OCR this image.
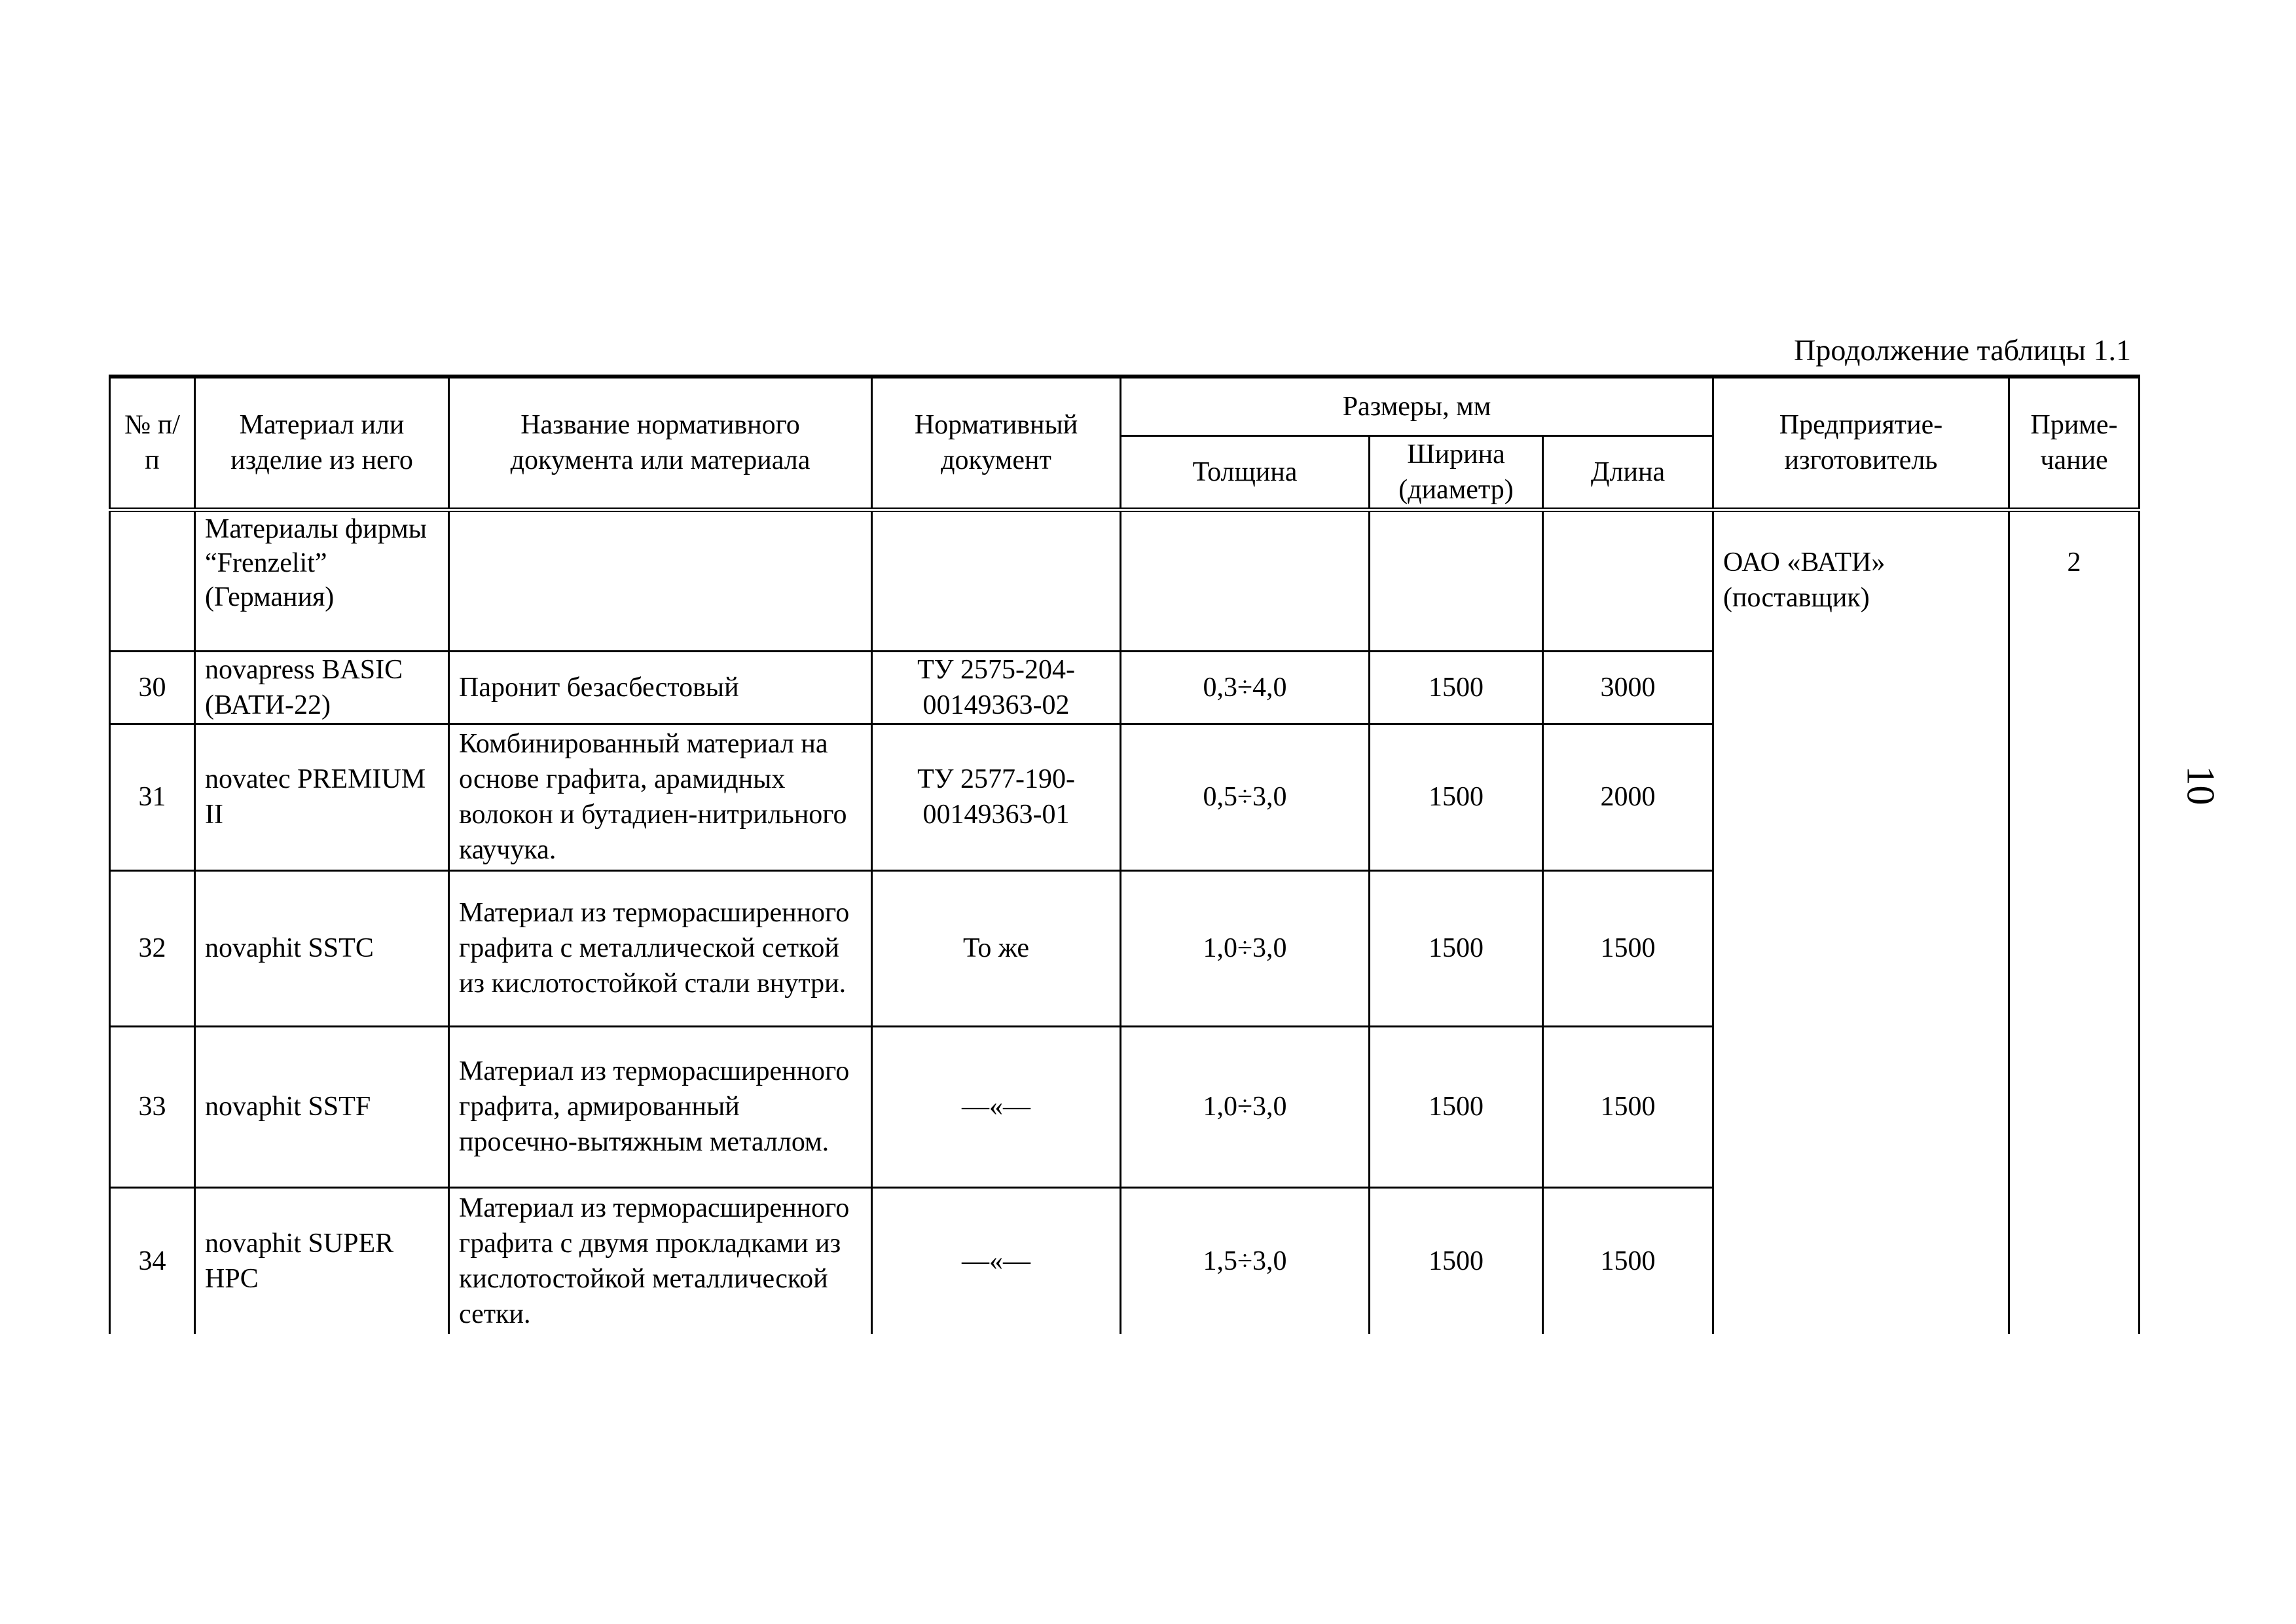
Продолжение таблицы 1.1
10
№ п/п	Материал или изделие из него	Название нормативного документа или материала	Нормативный документ	Размеры, мм			Предприятие-изготовитель	Приме-чание
				Толщина	Ширина (диаметр)	Длина		
	Материалы фирмы “Frenzelit” (Германия)						ОАО «ВАТИ» (поставщик)	2
30	novapress BASIC (ВАТИ-22)	Паронит безасбестовый	ТУ 2575-204-00149363-02	0,3÷4,0	1500	3000		
31	novatec PREMIUM II	Комбинированный материал на основе графита, арамидных волокон и бутадиен-нитрильного каучука.	ТУ 2577-190-00149363-01	0,5÷3,0	1500	2000		
32	novaphit SSTC	Материал из терморасширенного графита с металлической сеткой из кислотостойкой стали внутри.	То же	1,0÷3,0	1500	1500		
33	novaphit SSTF	Материал из терморасширенного графита, армированный просечно-вытяжным металлом.	—«—	1,0÷3,0	1500	1500		
34	novaphit SUPER HPC	Материал из терморасширенного графита с двумя прокладками из кислотостойкой металлической сетки.	—«—	1,5÷3,0	1500	1500		
